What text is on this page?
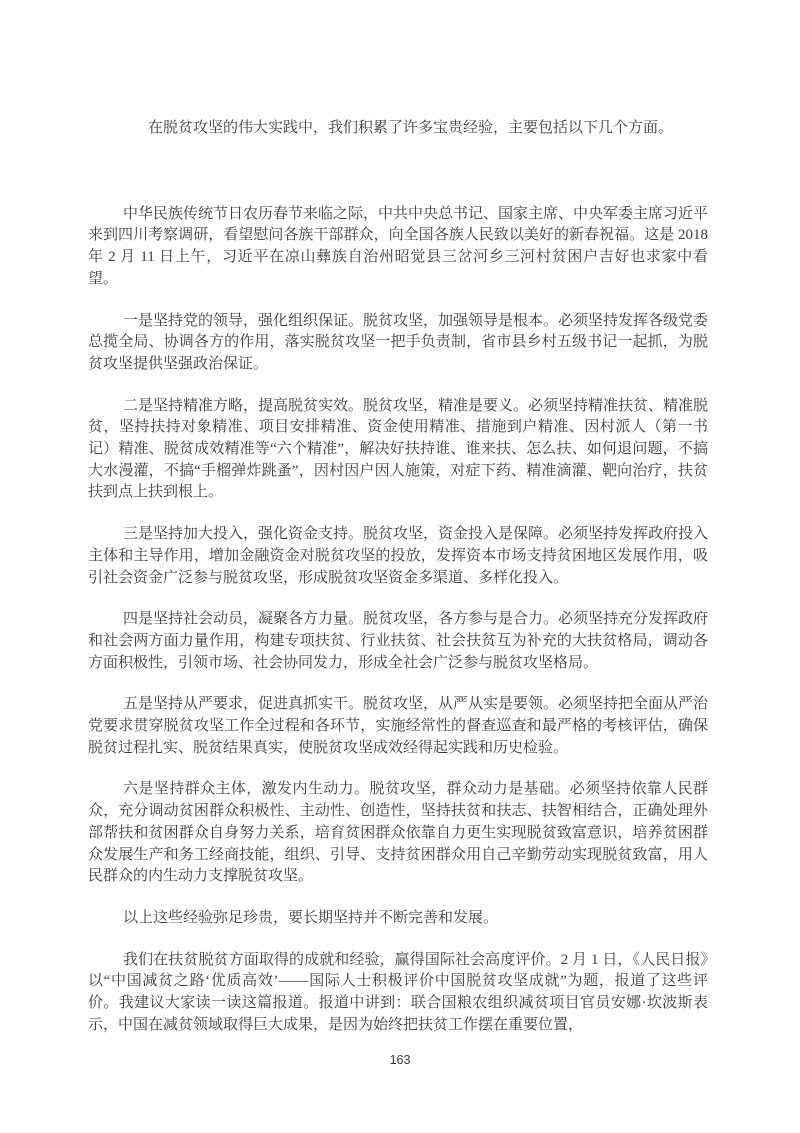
在脱贫攻坚的伟大实践中，我们积累了许多宝贵经验，主要包括以下几个方面。

中华民族传统节日农历春节来临之际，中共中央总书记、国家主席、中央军委主席习近平来到四川考察调研，看望慰问各族干部群众，向全国各族人民致以美好的新春祝福。这是 2018 年 2 月 11 日上午，习近平在凉山彝族自治州昭觉县三岔河乡三河村贫困户吉好也求家中看望。

一是坚持党的领导，强化组织保证。脱贫攻坚，加强领导是根本。必须坚持发挥各级党委总揽全局、协调各方的作用，落实脱贫攻坚一把手负责制，省市县乡村五级书记一起抓，为脱贫攻坚提供坚强政治保证。

二是坚持精准方略，提高脱贫实效。脱贫攻坚，精准是要义。必须坚持精准扶贫、精准脱贫，坚持扶持对象精准、项目安排精准、资金使用精准、措施到户精准、因村派人（第一书记）精准、脱贫成效精准等“六个精准”，解决好扶持谁、谁来扶、怎么扶、如何退问题，不搞大水漫灌，不搞“手榴弹炸跳蚤”，因村因户因人施策，对症下药、精准滴灌、靶向治疗，扶贫扶到点上扶到根上。

三是坚持加大投入，强化资金支持。脱贫攻坚，资金投入是保障。必须坚持发挥政府投入主体和主导作用，增加金融资金对脱贫攻坚的投放，发挥资本市场支持贫困地区发展作用，吸引社会资金广泛参与脱贫攻坚，形成脱贫攻坚资金多渠道、多样化投入。

四是坚持社会动员，凝聚各方力量。脱贫攻坚，各方参与是合力。必须坚持充分发挥政府和社会两方面力量作用，构建专项扶贫、行业扶贫、社会扶贫互为补充的大扶贫格局，调动各方面积极性，引领市场、社会协同发力，形成全社会广泛参与脱贫攻坚格局。

五是坚持从严要求，促进真抓实干。脱贫攻坚，从严从实是要领。必须坚持把全面从严治党要求贯穿脱贫攻坚工作全过程和各环节，实施经常性的督查巡查和最严格的考核评估，确保脱贫过程扎实、脱贫结果真实，使脱贫攻坚成效经得起实践和历史检验。

六是坚持群众主体，激发内生动力。脱贫攻坚，群众动力是基础。必须坚持依靠人民群众，充分调动贫困群众积极性、主动性、创造性，坚持扶贫和扶志、扶智相结合，正确处理外部帮扶和贫困群众自身努力关系，培育贫困群众依靠自力更生实现脱贫致富意识，培养贫困群众发展生产和务工经商技能，组织、引导、支持贫困群众用自己辛勤劳动实现脱贫致富，用人民群众的内生动力支撑脱贫攻坚。

以上这些经验弥足珍贵，要长期坚持并不断完善和发展。

我们在扶贫脱贫方面取得的成就和经验，赢得国际社会高度评价。2 月 1 日，《人民日报》以“中国减贫之路‘优质高效’——国际人士积极评价中国脱贫攻坚成就”为题，报道了这些评价。我建议大家读一读这篇报道。报道中讲到：联合国粮农组织减贫项目官员安娜·坎波斯表示，中国在减贫领域取得巨大成果，是因为始终把扶贫工作摆在重要位置，

163
